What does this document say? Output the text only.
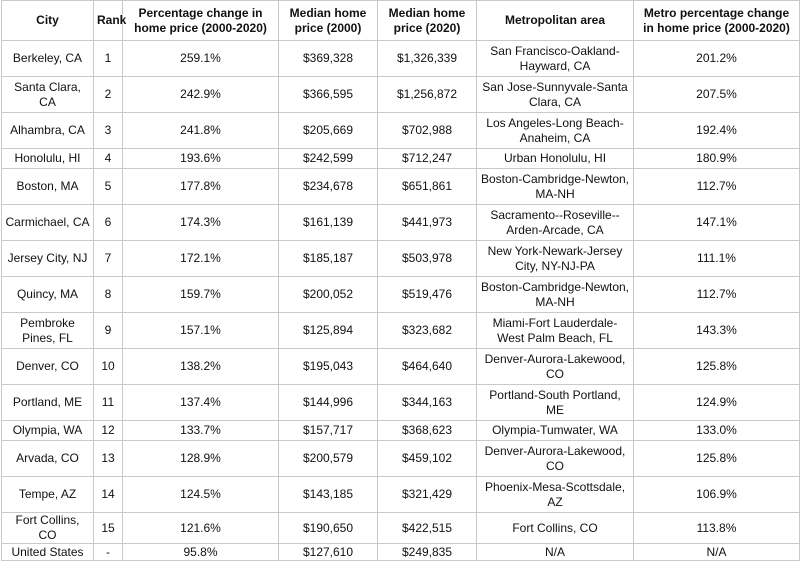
City	Rank	Percentage change in home price (2000-2020)	Median home price (2000)	Median home price (2020)	Metropolitan area	Metro percentage change in home price (2000-2020)
Berkeley, CA	1	259.1%	$369,328	$1,326,339	San Francisco-Oakland-Hayward, CA	201.2%
Santa Clara, CA	2	242.9%	$366,595	$1,256,872	San Jose-Sunnyvale-Santa Clara, CA	207.5%
Alhambra, CA	3	241.8%	$205,669	$702,988	Los Angeles-Long Beach-Anaheim, CA	192.4%
Honolulu, HI	4	193.6%	$242,599	$712,247	Urban Honolulu, HI	180.9%
Boston, MA	5	177.8%	$234,678	$651,861	Boston-Cambridge-Newton, MA-NH	112.7%
Carmichael, CA	6	174.3%	$161,139	$441,973	Sacramento--Roseville--Arden-Arcade, CA	147.1%
Jersey City, NJ	7	172.1%	$185,187	$503,978	New York-Newark-Jersey City, NY-NJ-PA	111.1%
Quincy, MA	8	159.7%	$200,052	$519,476	Boston-Cambridge-Newton, MA-NH	112.7%
Pembroke Pines, FL	9	157.1%	$125,894	$323,682	Miami-Fort Lauderdale-West Palm Beach, FL	143.3%
Denver, CO	10	138.2%	$195,043	$464,640	Denver-Aurora-Lakewood, CO	125.8%
Portland, ME	11	137.4%	$144,996	$344,163	Portland-South Portland, ME	124.9%
Olympia, WA	12	133.7%	$157,717	$368,623	Olympia-Tumwater, WA	133.0%
Arvada, CO	13	128.9%	$200,579	$459,102	Denver-Aurora-Lakewood, CO	125.8%
Tempe, AZ	14	124.5%	$143,185	$321,429	Phoenix-Mesa-Scottsdale, AZ	106.9%
Fort Collins, CO	15	121.6%	$190,650	$422,515	Fort Collins, CO	113.8%
United States	-	95.8%	$127,610	$249,835	N/A	N/A
